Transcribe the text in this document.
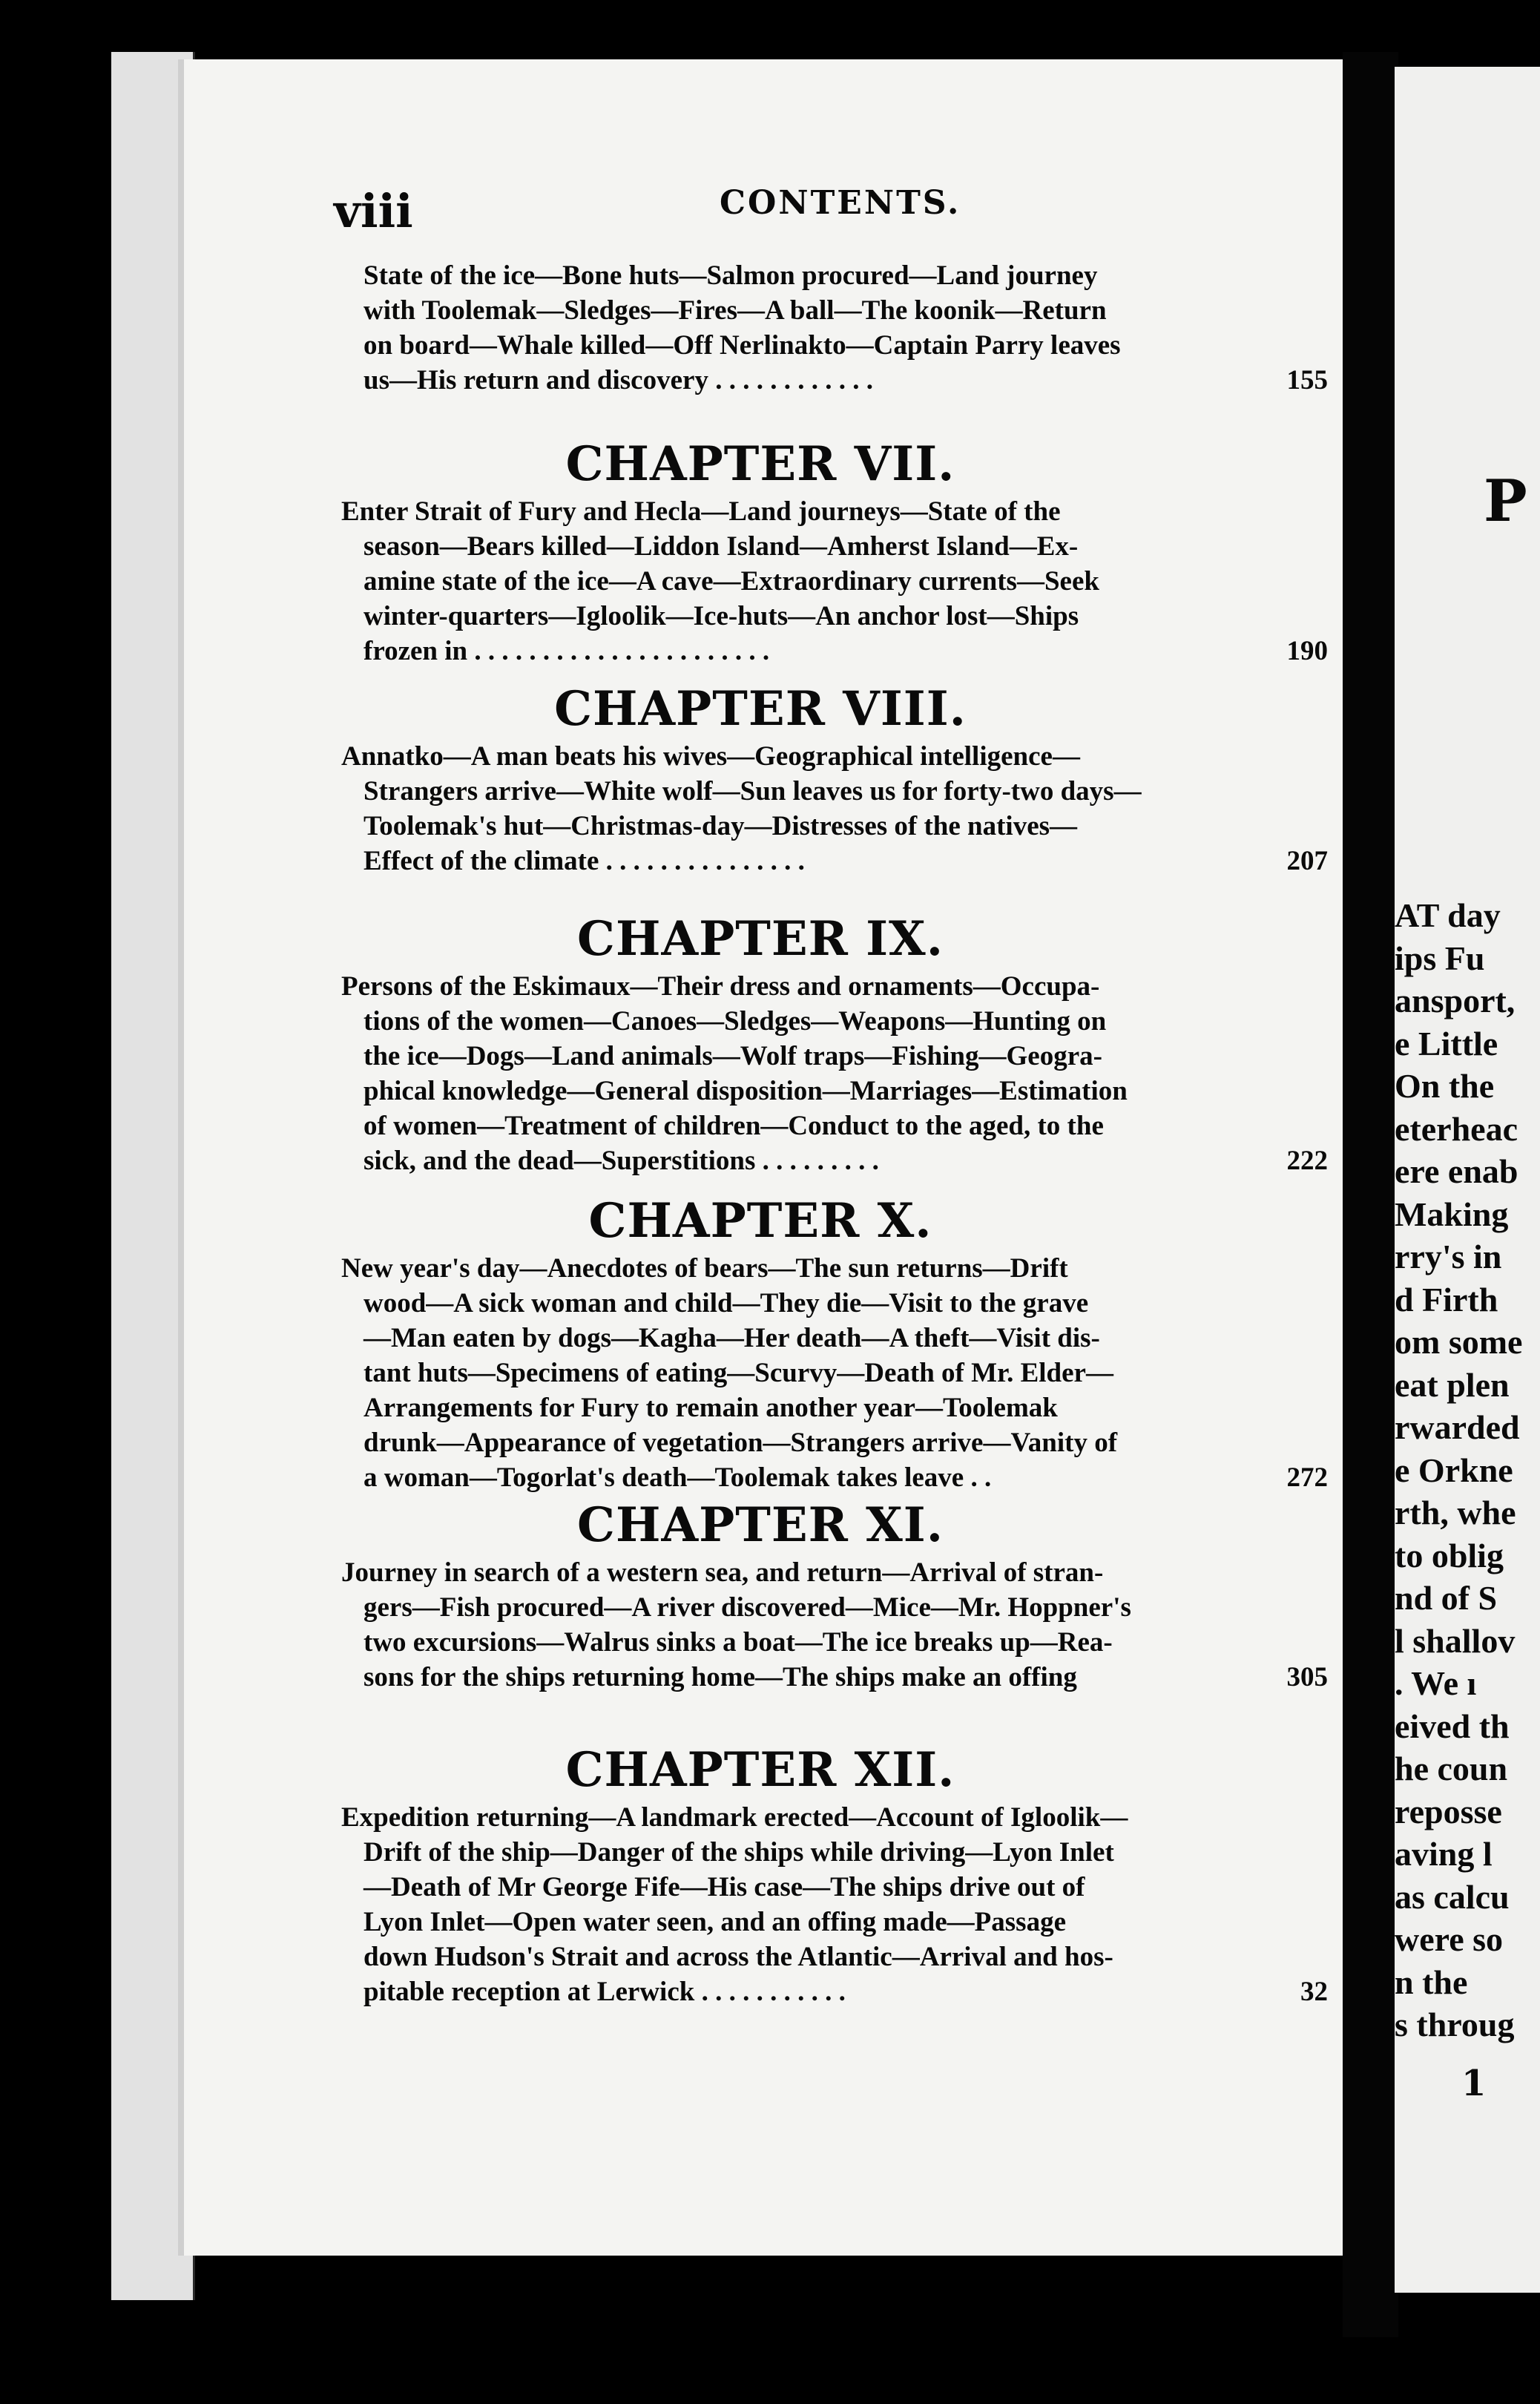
viii	CONTENTS.
State of the ice—Bone huts—Salmon procured—Land journey
with Toolemak—Sledges—Fires—A ball—The koonik—Return
on board—Whale killed—Off Nerlinakto—Captain Parry leaves
us—His return and discovery . . . . . . . . . . . .	155
CHAPTER VII.
Enter Strait of Fury and Hecla—Land journeys—State of the
season—Bears killed—Liddon Island—Amherst Island—Ex-
amine state of the ice—A cave—Extraordinary currents—Seek
winter-quarters—Igloolik—Ice-huts—An anchor lost—Ships
frozen in . . . . . . . . . . . . . . . . . . . . . .	190
CHAPTER VIII.
Annatko—A man beats his wives—Geographical intelligence—
Strangers arrive—White wolf—Sun leaves us for forty-two days—
Toolemak's hut—Christmas-day—Distresses of the natives—
Effect of the climate . . . . . . . . . . . . . . .	207
CHAPTER IX.
Persons of the Eskimaux—Their dress and ornaments—Occupa-
tions of the women—Canoes—Sledges—Weapons—Hunting on
the ice—Dogs—Land animals—Wolf traps—Fishing—Geogra-
phical knowledge—General disposition—Marriages—Estimation
of women—Treatment of children—Conduct to the aged, to the
sick, and the dead—Superstitions . . . . . . . . .	222
CHAPTER X.
New year's day—Anecdotes of bears—The sun returns—Drift
wood—A sick woman and child—They die—Visit to the grave
—Man eaten by dogs—Kagha—Her death—A theft—Visit dis-
tant huts—Specimens of eating—Scurvy—Death of Mr. Elder—
Arrangements for Fury to remain another year—Toolemak
drunk—Appearance of vegetation—Strangers arrive—Vanity of
a woman—Togorlat's death—Toolemak takes leave . .	272
CHAPTER XI.
Journey in search of a western sea, and return—Arrival of stran-
gers—Fish procured—A river discovered—Mice—Mr. Hoppner's
two excursions—Walrus sinks a boat—The ice breaks up—Rea-
sons for the ships returning home—The ships make an offing	305
CHAPTER XII.
Expedition returning—A landmark erected—Account of Igloolik—
Drift of the ship—Danger of the ships while driving—Lyon Inlet
—Death of Mr George Fife—His case—The ships drive out of
Lyon Inlet—Open water seen, and an offing made—Passage
down Hudson's Strait and across the Atlantic—Arrival and hos-
pitable reception at Lerwick . . . . . . . . . . .	32
P
AT day
ips Fu
ansport,
e Little
On the
eterheac
ere enab
Making
rry's in
d Firth
om some
eat plen
rwarded
e Orkne
rth, whe
to oblig
nd of S
l shallov
. We ı
eived th
he coun
reposse
aving l
as calcu
were so
n the
s throug
1
